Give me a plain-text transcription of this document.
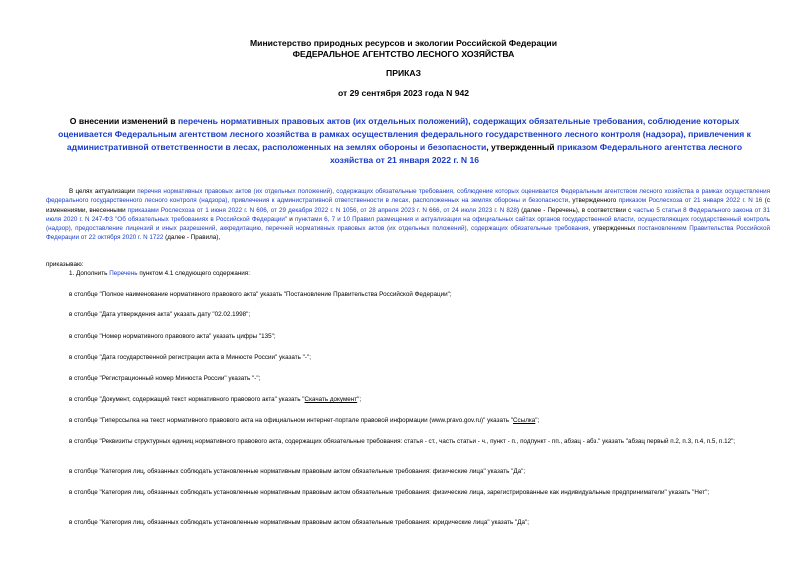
Министерство природных ресурсов и экологии Российской Федерации
ФЕДЕРАЛЬНОЕ АГЕНТСТВО ЛЕСНОГО ХОЗЯЙСТВА
ПРИКАЗ
от 29 сентября 2023 года N 942
О внесении изменений в перечень нормативных правовых актов (их отдельных положений), содержащих обязательные требования, соблюдение которых оценивается Федеральным агентством лесного хозяйства в рамках осуществления федерального государственного лесного контроля (надзора), привлечения к административной ответственности в лесах, расположенных на землях обороны и безопасности, утвержденный приказом Федерального агентства лесного хозяйства от 21 января 2022 г. N 16
В целях актуализации перечня нормативных правовых актов (их отдельных положений), содержащих обязательные требования, соблюдение которых оценивается Федеральным агентством лесного хозяйства в рамках осуществления федерального государственного лесного контроля (надзора), привлечения к административной ответственности в лесах, расположенных на землях обороны и безопасности, утвержденного приказом Рослесхоза от 21 января 2022 г. N 16 (с изменениями, внесенными приказами Рослесхоза от 1 июня 2022 г. N 606, от 29 декабря 2022 г. N 1056, от 28 апреля 2023 г. N 666, от 24 июля 2023 г. N 828) (далее - Перечень), в соответствии с частью 5 статьи 8 Федерального закона от 31 июля 2020 г. N 247-ФЗ "Об обязательных требованиях в Российской Федерации" и пунктами 6, 7 и 10 Правил размещения и актуализации на официальных сайтах органов государственной власти, осуществляющих государственный контроль (надзор), предоставление лицензий и иных разрешений, аккредитацию, перечней нормативных правовых актов (их отдельных положений), содержащих обязательные требования, утвержденных постановлением Правительства Российской Федерации от 22 октября 2020 г. N 1722 (далее - Правила),
приказываю:
1. Дополнить Перечень пунктом 4.1 следующего содержания:
в столбце "Полное наименование нормативного правового акта" указать "Постановление Правительства Российской Федерации";
в столбце "Дата утверждения акта" указать дату "02.02.1998";
в столбце "Номер нормативного правового акта" указать цифры "135";
в столбце "Дата государственной регистрации акта в Минюсте России" указать "-";
в столбце "Регистрационный номер Минюста России" указать "-";
в столбце "Документ, содержащий текст нормативного правового акта" указать "Скачать документ";
в столбце "Гиперссылка на текст нормативного правового акта на официальном интернет-портале правовой информации (www.pravo.gov.ru)" указать "Ссылка";
в столбце "Реквизиты структурных единиц нормативного правового акта, содержащих обязательные требования: статья - ст., часть статьи - ч., пункт - п., подпункт - пп., абзац - абз." указать "абзац первый п.2, п.3, п.4, п.5, п.12";
в столбце "Категория лиц, обязанных соблюдать установленные нормативным правовым актом обязательные требования: физические лица" указать "Да";
в столбце "Категория лиц, обязанных соблюдать установленные нормативным правовым актом обязательные требования: физические лица, зарегистрированные как индивидуальные предприниматели" указать "Нет";
в столбце "Категория лиц, обязанных соблюдать установленные нормативным правовым актом обязательные требования: юридические лица" указать "Да";
